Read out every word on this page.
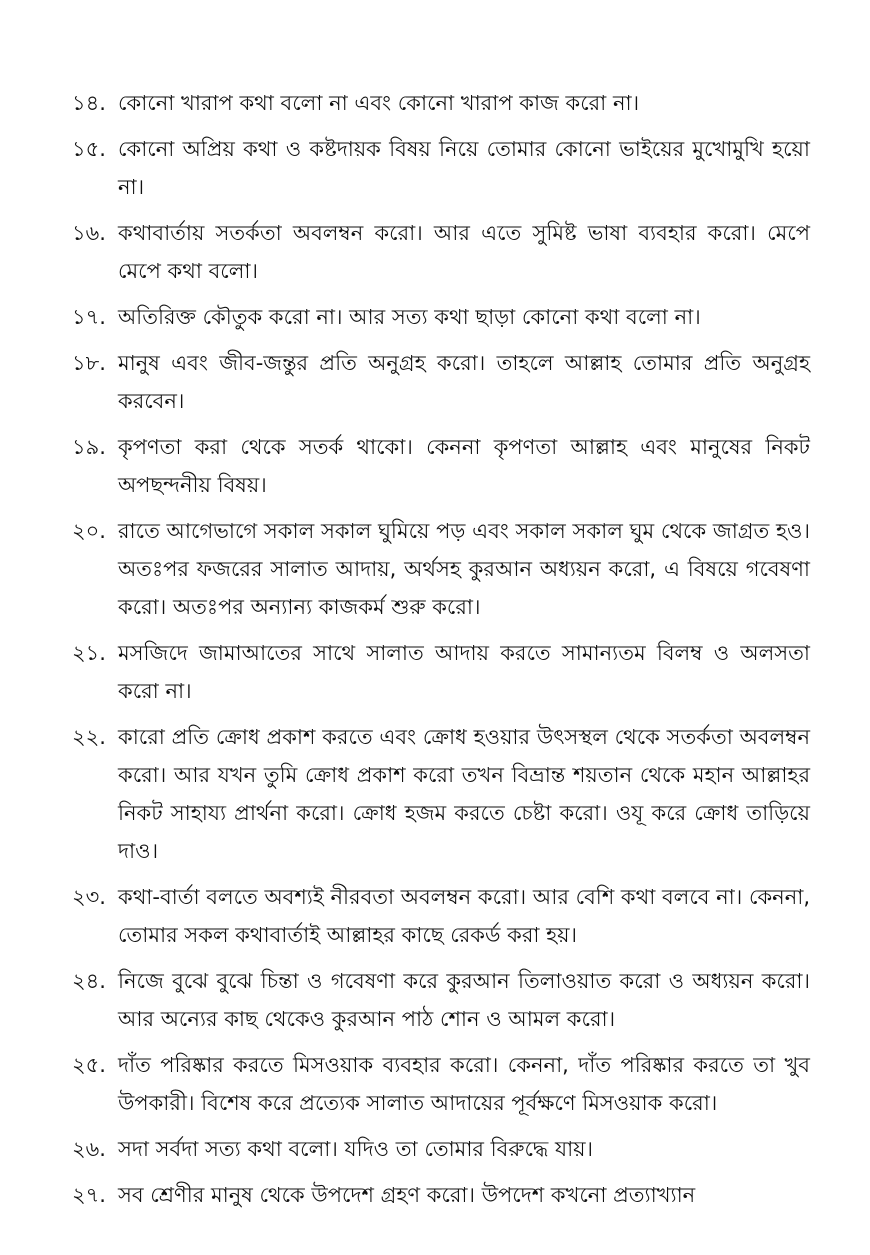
১৪. কোনো খারাপ কথা বলো না এবং কোনো খারাপ কাজ করো না।
১৫. কোনো অপ্রিয় কথা ও কষ্টদায়ক বিষয় নিয়ে তোমার কোনো ভাইয়ের মুখোমুখি হয়ো না।
১৬. কথাবার্তায় সতর্কতা অবলম্বন করো। আর এতে সুমিষ্ট ভাষা ব্যবহার করো। মেপে মেপে কথা বলো।
১৭. অতিরিক্ত কৌতুক করো না। আর সত্য কথা ছাড়া কোনো কথা বলো না।
১৮. মানুষ এবং জীব-জন্তুর প্রতি অনুগ্রহ করো। তাহলে আল্লাহ তোমার প্রতি অনুগ্রহ করবেন।
১৯. কৃপণতা করা থেকে সতর্ক থাকো। কেননা কৃপণতা আল্লাহ এবং মানুষের নিকট অপছন্দনীয় বিষয়।
২০. রাতে আগেভাগে সকাল সকাল ঘুমিয়ে পড় এবং সকাল সকাল ঘুম থেকে জাগ্রত হও। অতঃপর ফজরের সালাত আদায়, অর্থসহ কুরআন অধ্যয়ন করো, এ বিষয়ে গবেষণা করো। অতঃপর অন্যান্য কাজকর্ম শুরু করো।
২১. মসজিদে জামাআতের সাথে সালাত আদায় করতে সামান্যতম বিলম্ব ও অলসতা করো না।
২২. কারো প্রতি ক্রোধ প্রকাশ করতে এবং ক্রোধ হওয়ার উৎসস্থল থেকে সতর্কতা অবলম্বন করো। আর যখন তুমি ক্রোধ প্রকাশ করো তখন বিভ্রান্ত শয়তান থেকে মহান আল্লাহর নিকট সাহায্য প্রার্থনা করো। ক্রোধ হজম করতে চেষ্টা করো। ওযূ করে ক্রোধ তাড়িয়ে দাও।
২৩. কথা-বার্তা বলতে অবশ্যই নীরবতা অবলম্বন করো। আর বেশি কথা বলবে না। কেননা, তোমার সকল কথাবার্তাই আল্লাহর কাছে রেকর্ড করা হয়।
২৪. নিজে বুঝে বুঝে চিন্তা ও গবেষণা করে কুরআন তিলাওয়াত করো ও অধ্যয়ন করো। আর অন্যের কাছ থেকেও কুরআন পাঠ শোন ও আমল করো।
২৫. দাঁত পরিষ্কার করতে মিসওয়াক ব্যবহার করো। কেননা, দাঁত পরিষ্কার করতে তা খুব উপকারী। বিশেষ করে প্রত্যেক সালাত আদায়ের পূর্বক্ষণে মিসওয়াক করো।
২৬. সদা সর্বদা সত্য কথা বলো। যদিও তা তোমার বিরুদ্ধে যায়।
২৭. সব শ্রেণীর মানুষ থেকে উপদেশ গ্রহণ করো। উপদেশ কখনো প্রত্যাখ্যান
